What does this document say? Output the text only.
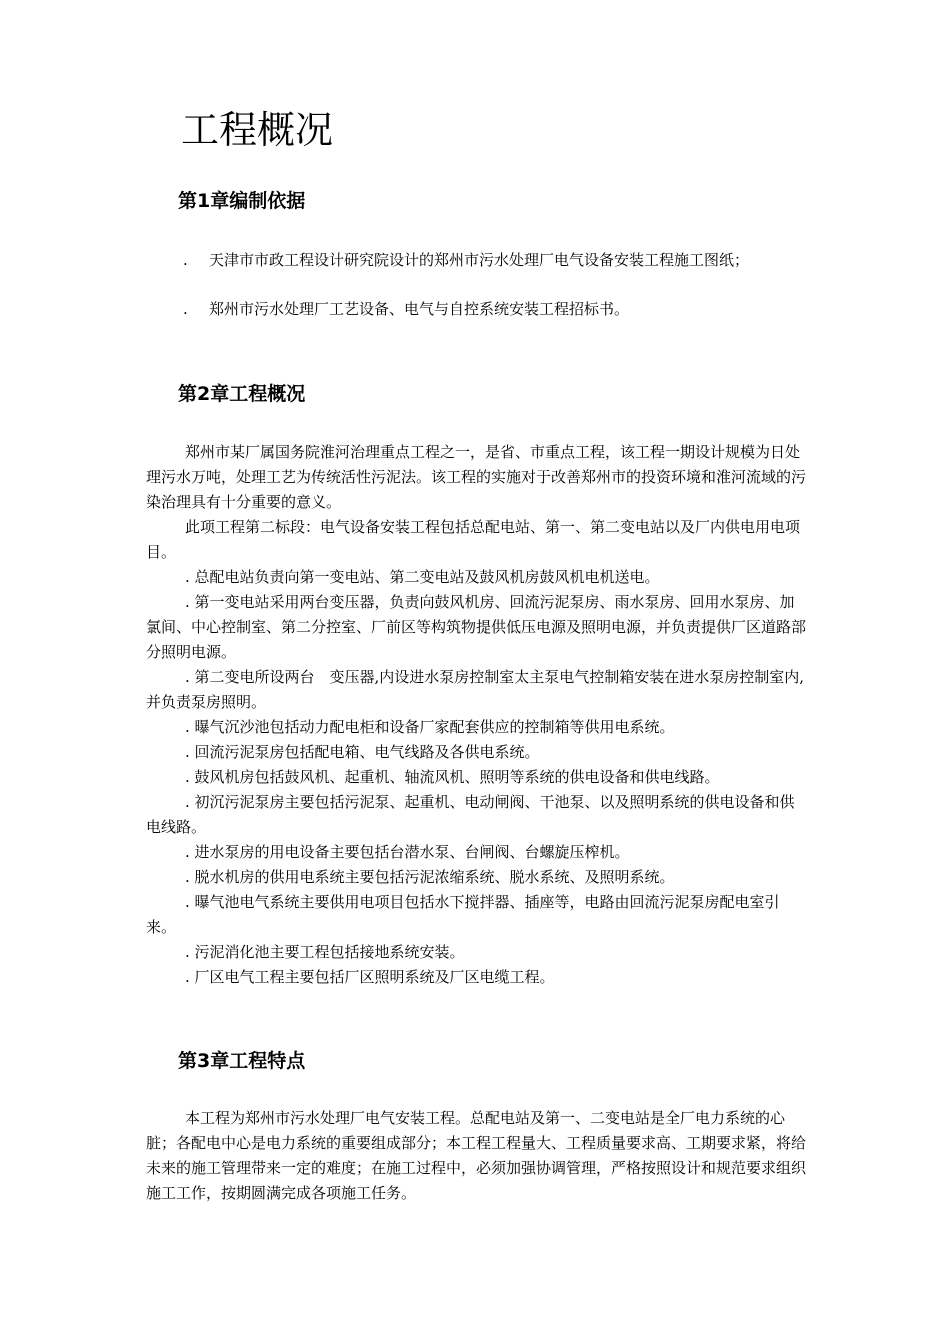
工程概况
第1章编制依据

. 天津市市政工程设计研究院设计的郑州市污水处理厂电气设备安装工程施工图纸；

. 郑州市污水处理厂工艺设备、电气与自控系统安装工程招标书。

第2章工程概况

郑州市某厂属国务院淮河治理重点工程之一，是省、市重点工程，该工程一期设计规模为日处理污水万吨，处理工艺为传统活性污泥法。该工程的实施对于改善郑州市的投资环境和淮河流域的污染治理具有十分重要的意义。

此项工程第二标段：电气设备安装工程包括总配电站、第一、第二变电站以及厂内供电用电项目。

. 总配电站负责向第一变电站、第二变电站及鼓风机房鼓风机电机送电。

. 第一变电站采用两台变压器，负责向鼓风机房、回流污泥泵房、雨水泵房、回用水泵房、加氯间、中心控制室、第二分控室、厂前区等构筑物提供低压电源及照明电源，并负责提供厂区道路部分照明电源。

. 第二变电所设两台　变压器,内设进水泵房控制室太主泵电气控制箱安装在进水泵房控制室内,并负责泵房照明。

. 曝气沉沙池包括动力配电柜和设备厂家配套供应的控制箱等供用电系统。

. 回流污泥泵房包括配电箱、电气线路及各供电系统。

. 鼓风机房包括鼓风机、起重机、轴流风机、照明等系统的供电设备和供电线路。

. 初沉污泥泵房主要包括污泥泵、起重机、电动闸阀、干池泵、以及照明系统的供电设备和供电线路。

. 进水泵房的用电设备主要包括台潜水泵、台闸阀、台螺旋压榨机。

. 脱水机房的供用电系统主要包括污泥浓缩系统、脱水系统、及照明系统。

. 曝气池电气系统主要供用电项目包括水下搅拌器、插座等，电路由回流污泥泵房配电室引来。

. 污泥消化池主要工程包括接地系统安装。

. 厂区电气工程主要包括厂区照明系统及厂区电缆工程。

第3章工程特点

本工程为郑州市污水处理厂电气安装工程。总配电站及第一、二变电站是全厂电力系统的心脏；各配电中心是电力系统的重要组成部分；本工程工程量大、工程质量要求高、工期要求紧，将给未来的施工管理带来一定的难度；在施工过程中，必须加强协调管理，严格按照设计和规范要求组织施工工作，按期圆满完成各项施工任务。
